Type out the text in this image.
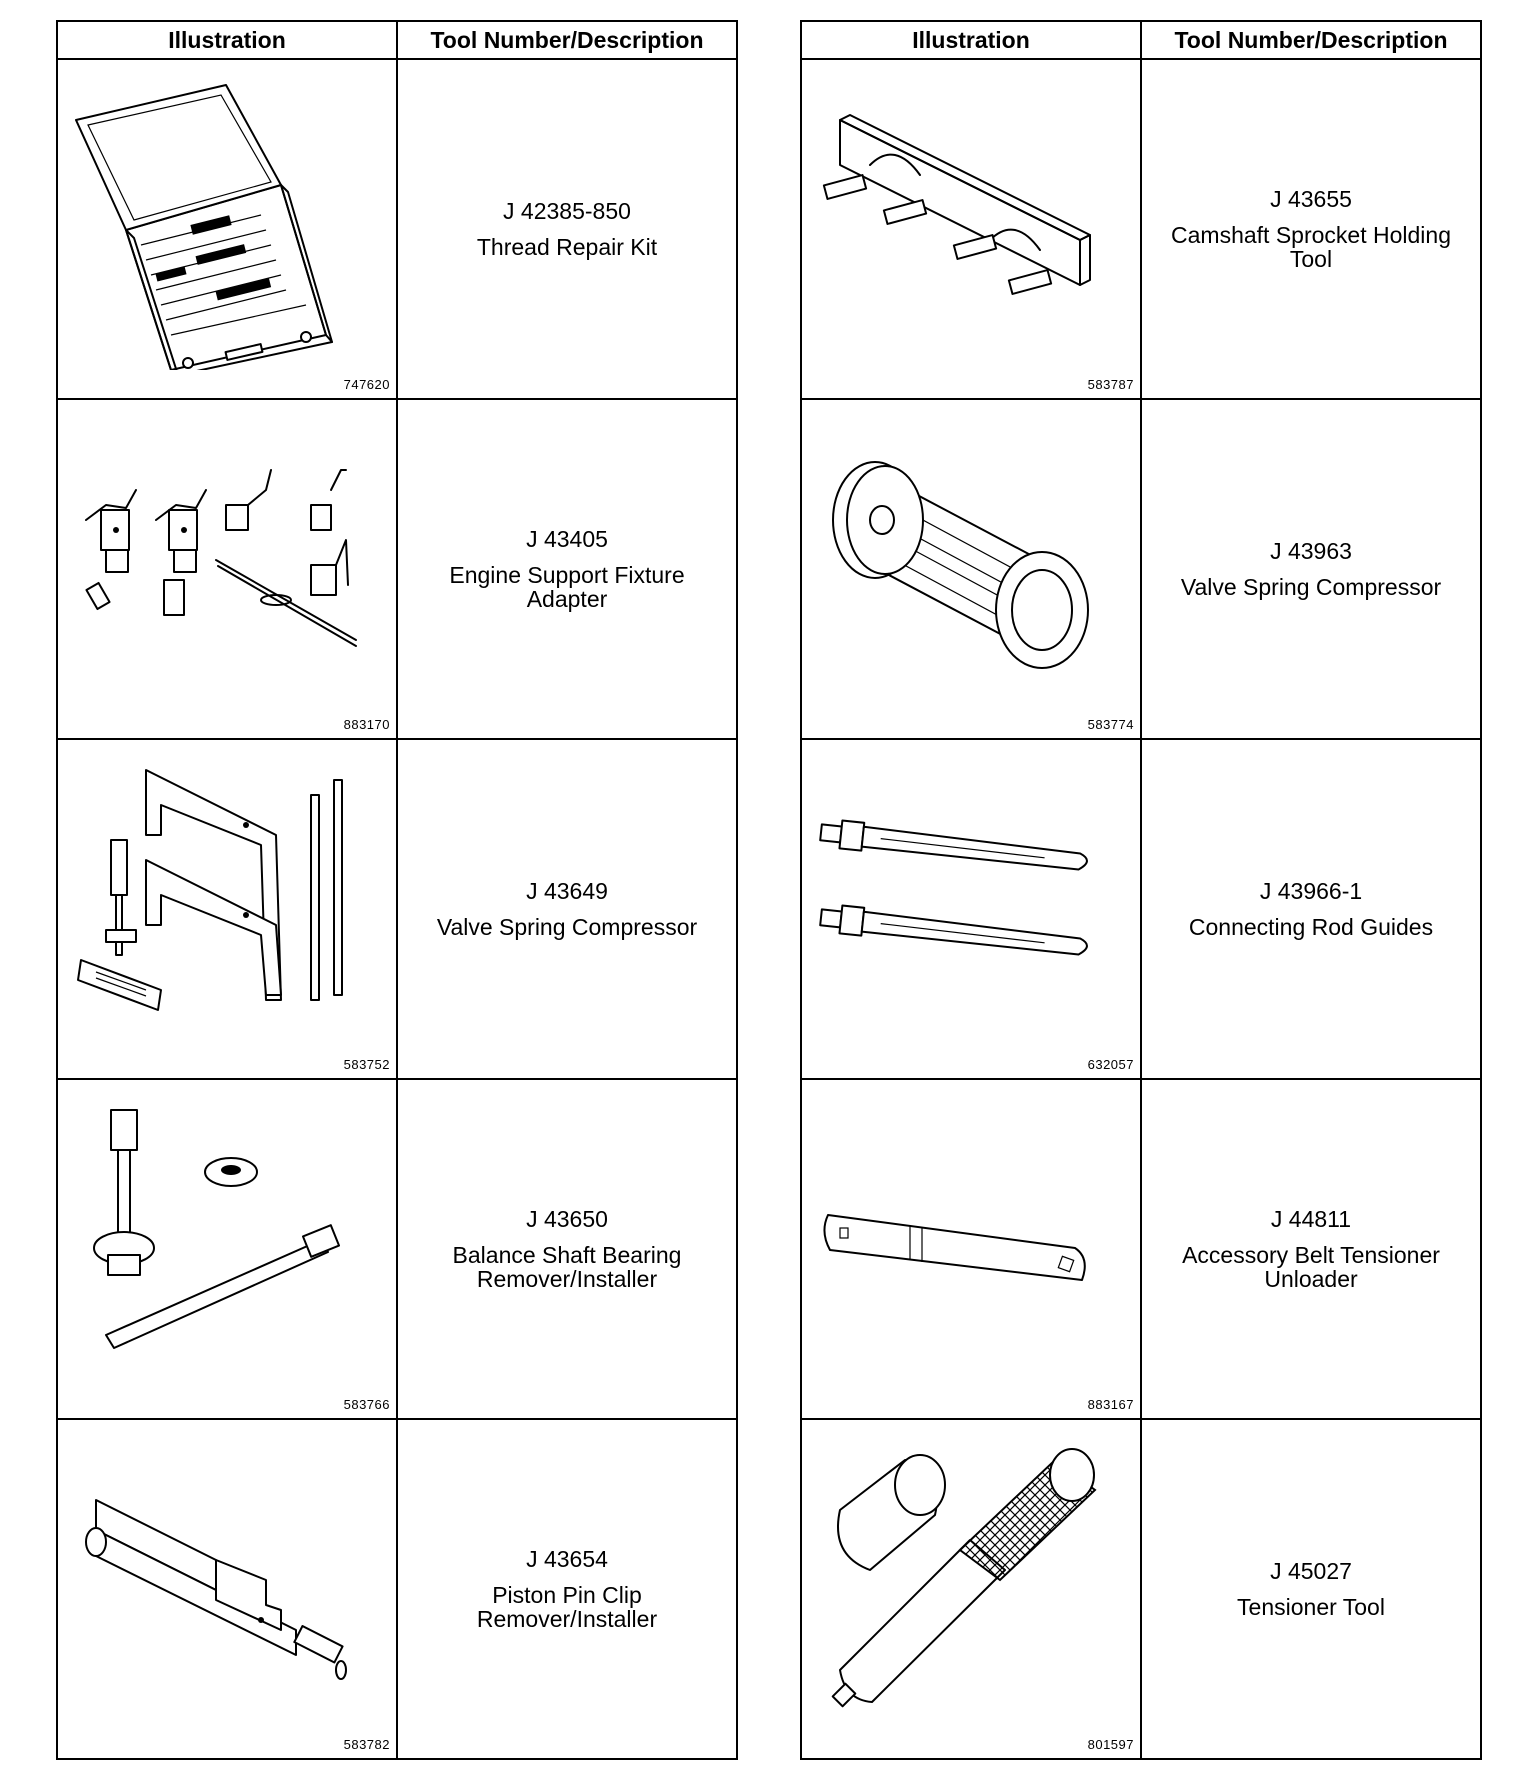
Illustration	Tool Number/Description

747620	J 42385-850
Thread Repair Kit

883170	J 43405
Engine Support Fixture Adapter

583752	J 43649
Valve Spring Compressor

583766	J 43650
Balance Shaft Bearing Remover/Installer

583782	J 43654
Piston Pin Clip Remover/Installer
Illustration	Tool Number/Description

583787	J 43655
Camshaft Sprocket Holding Tool

583774	J 43963
Valve Spring Compressor

632057	J 43966-1
Connecting Rod Guides

883167	J 44811
Accessory Belt Tensioner Unloader

801597	J 45027
Tensioner Tool
